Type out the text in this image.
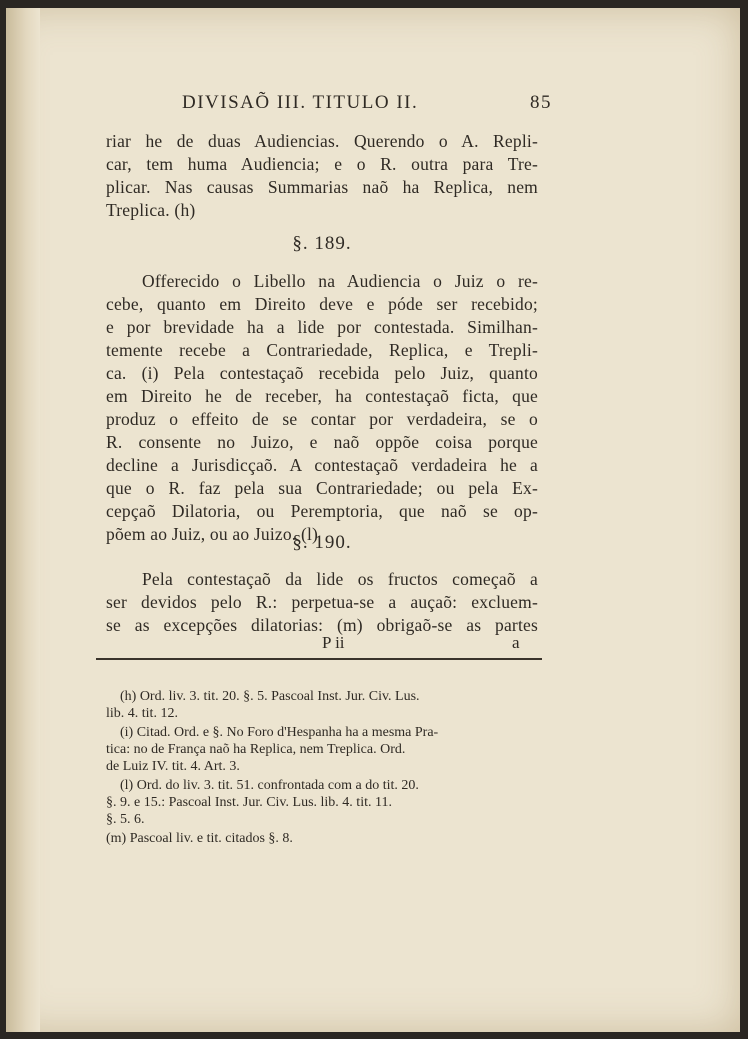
DIVISAÕ III. TITULO II.	85
riar he de duas Audiencias. Querendo o A. Repli-
car, tem huma Audiencia; e o R. outra para Tre-
plicar. Nas causas Summarias naõ ha Replica, nem
Treplica. (h)
§. 189.
Offerecido o Libello na Audiencia o Juiz o re-
cebe, quanto em Direito deve e póde ser recebido;
e por brevidade ha a lide por contestada. Similhan-
temente recebe a Contrariedade, Replica, e Trepli-
ca. (i) Pela contestaçaõ recebida pelo Juiz, quanto
em Direito he de receber, ha contestaçaõ ficta, que
produz o effeito de se contar por verdadeira, se o
R. consente no Juizo, e naõ oppõe coisa porque
decline a Jurisdicçaõ. A contestaçaõ verdadeira he a
que o R. faz pela sua Contrariedade; ou pela Ex-
cepçaõ Dilatoria, ou Peremptoria, que naõ se op-
põem ao Juiz, ou ao Juizo. (l)
§. 190.
Pela contestaçaõ da lide os fructos começaõ a
ser devidos pelo R.: perpetua-se a auçaõ: excluem-
se as excepções dilatorias: (m) obrigaõ-se as partes
P ii	a
(h) Ord. liv. 3. tit. 20. §. 5. Pascoal Inst. Jur. Civ. Lus.
lib. 4. tit. 12.
(i) Citad. Ord. e §. No Foro d'Hespanha ha a mesma Pra-
tica: no de França naõ ha Replica, nem Treplica. Ord.
de Luiz IV. tit. 4. Art. 3.
(l) Ord. do liv. 3. tit. 51. confrontada com a do tit. 20.
§. 9. e 15.: Pascoal Inst. Jur. Civ. Lus. lib. 4. tit. 11.
§. 5. 6.
(m) Pascoal liv. e tit. citados §. 8.
